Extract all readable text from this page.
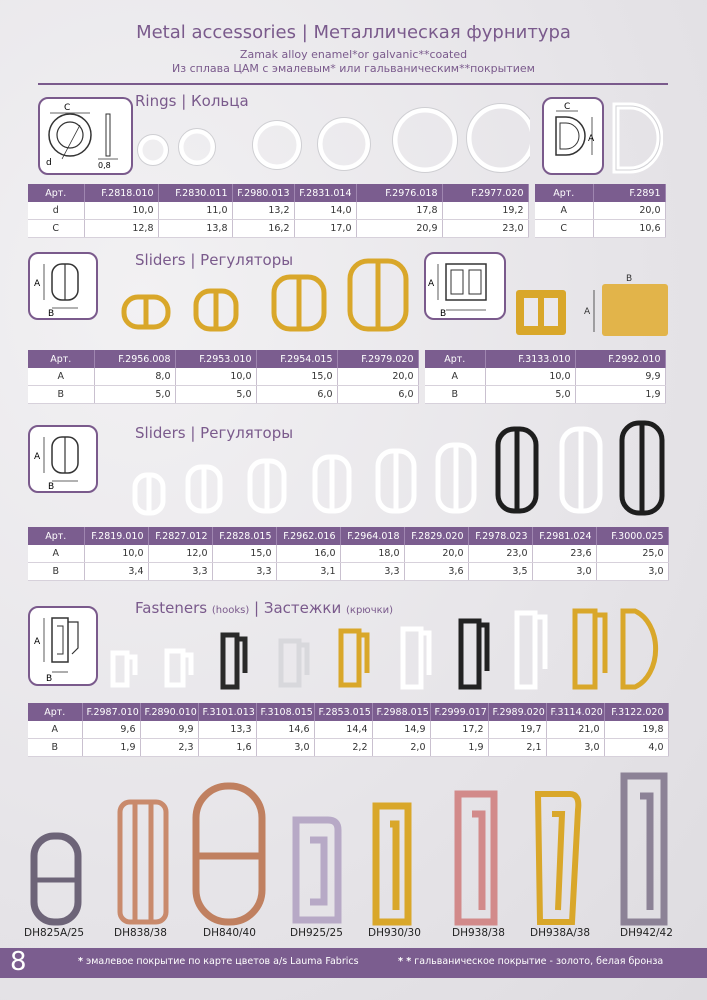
Metal accessories | Металлическая фурнитура
Zamak alloy enamel*or galvanic**coated
Из сплава ЦАМ с эмалевым* или гальваническим**покрытием
C
d	0,8
Rings | Кольца	C
A
Арт.	F.2818.010	F.2830.011	F.2980.013	F.2831.014	F.2976.018	F.2977.020
d	10,0	11,0	13,2	14,0	17,8	19,2
C	12,8	13,8	16,2	17,0	20,9	23,0
Арт.	F.2891
A	20,0
C	10,6
A
B
Sliders | Регуляторы
A
B	A
B
Арт.	F.2956.008	F.2953.010	F.2954.015	F.2979.020
A	8,0	10,0	15,0	20,0
B	5,0	5,0	6,0	6,0
Арт.	F.3133.010	F.2992.010
A	10,0	9,9
B	5,0	1,9
A
B
Sliders | Регуляторы
Арт.	F.2819.010	F.2827.012	F.2828.015	F.2962.016	F.2964.018	F.2829.020	F.2978.023	F.2981.024	F.3000.025
A	10,0	12,0	15,0	16,0	18,0	20,0	23,0	23,6	25,0
B	3,4	3,3	3,3	3,1	3,3	3,6	3,5	3,0	3,0
A
B
Fasteners (hooks) | Застежки (крючки)
Арт.	F.2987.010	F.2890.010	F.3101.013	F.3108.015	F.2853.015	F.2988.015	F.2999.017	F.2989.020	F.3114.020	F.3122.020
A	9,6	9,9	13,3	14,6	14,4	14,9	17,2	19,7	21,0	19,8
B	1,9	2,3	1,6	3,0	2,2	2,0	1,9	2,1	3,0	4,0
DH825A/25	DH838/38	DH840/40	DH925/25 DH930/30	DH938/38 DH938A/38	DH942/42
8	* эмалевое покрытие по карте цветов a/s Lauma Fabrics	* * гальваническое покрытие - золото, белая бронза
